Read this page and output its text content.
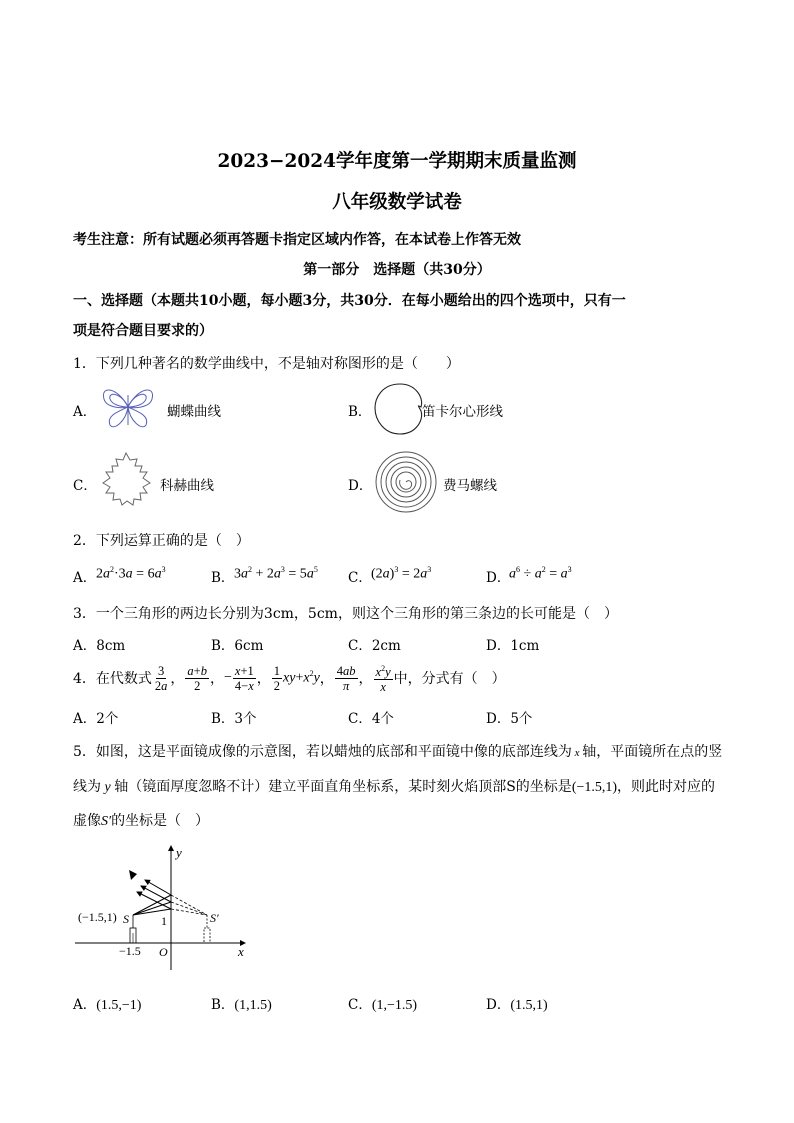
2023−2024学年度第一学期期末质量监测
八年级数学试卷
考生注意：所有试题必须再答题卡指定区域内作答，在本试卷上作答无效
第一部分　选择题（共30分）
一、选择题（本题共10小题，每小题3分，共30分．在每小题给出的四个选项中，只有一
项是符合题目要求的）
1．下列几种著名的数学曲线中，不是轴对称图形的是（　　）
A．	蝴蝶曲线	B．	笛卡尔心形线
C．	科赫曲线	D．	费马螺线
2．下列运算正确的是（　）
A． $2a^2\cdot 3a = 6a^3$
B． $3a^2 + 2a^3 = 5a^5$
C． $(2a)^3 = 2a^3$
D．
$a^6 \div a^2 = a^3$
3．一个三角形的两边长分别为3cm，5cm，则这个三角形的第三条边的长可能是（　）
A．8cm	B．6cm	C．2cm	D．1cm
4．在代数式 $\frac{3}{2a}$ ， $\frac{a+b}{2}$ ， − $\frac{x+1}{4-x}$ ， $\frac{1}{2} xy+x^2y$ ， $\frac{4ab}{\pi}$ ， $\frac{x^2y}{x}$ 中，分式有（　）
A．2个	B．3个	C．4个	D．5个
5．如图，这是平面镜成像的示意图，若以蜡烛的底部和平面镜中像的底部连线为 x 轴，平面镜所在点的竖
线为 y 轴（镜面厚度忽略不计）建立平面直角坐标系，某时刻火焰顶部S的坐标是(−1.5,1)，则此时对应的
虚像S′的坐标是（　）
y
x
O
(−1.5,1) S	S′
−1.5
1
A．(1.5,−1)	B．(1,1.5)	C．(1,−1.5)	D．(1.5,1)
